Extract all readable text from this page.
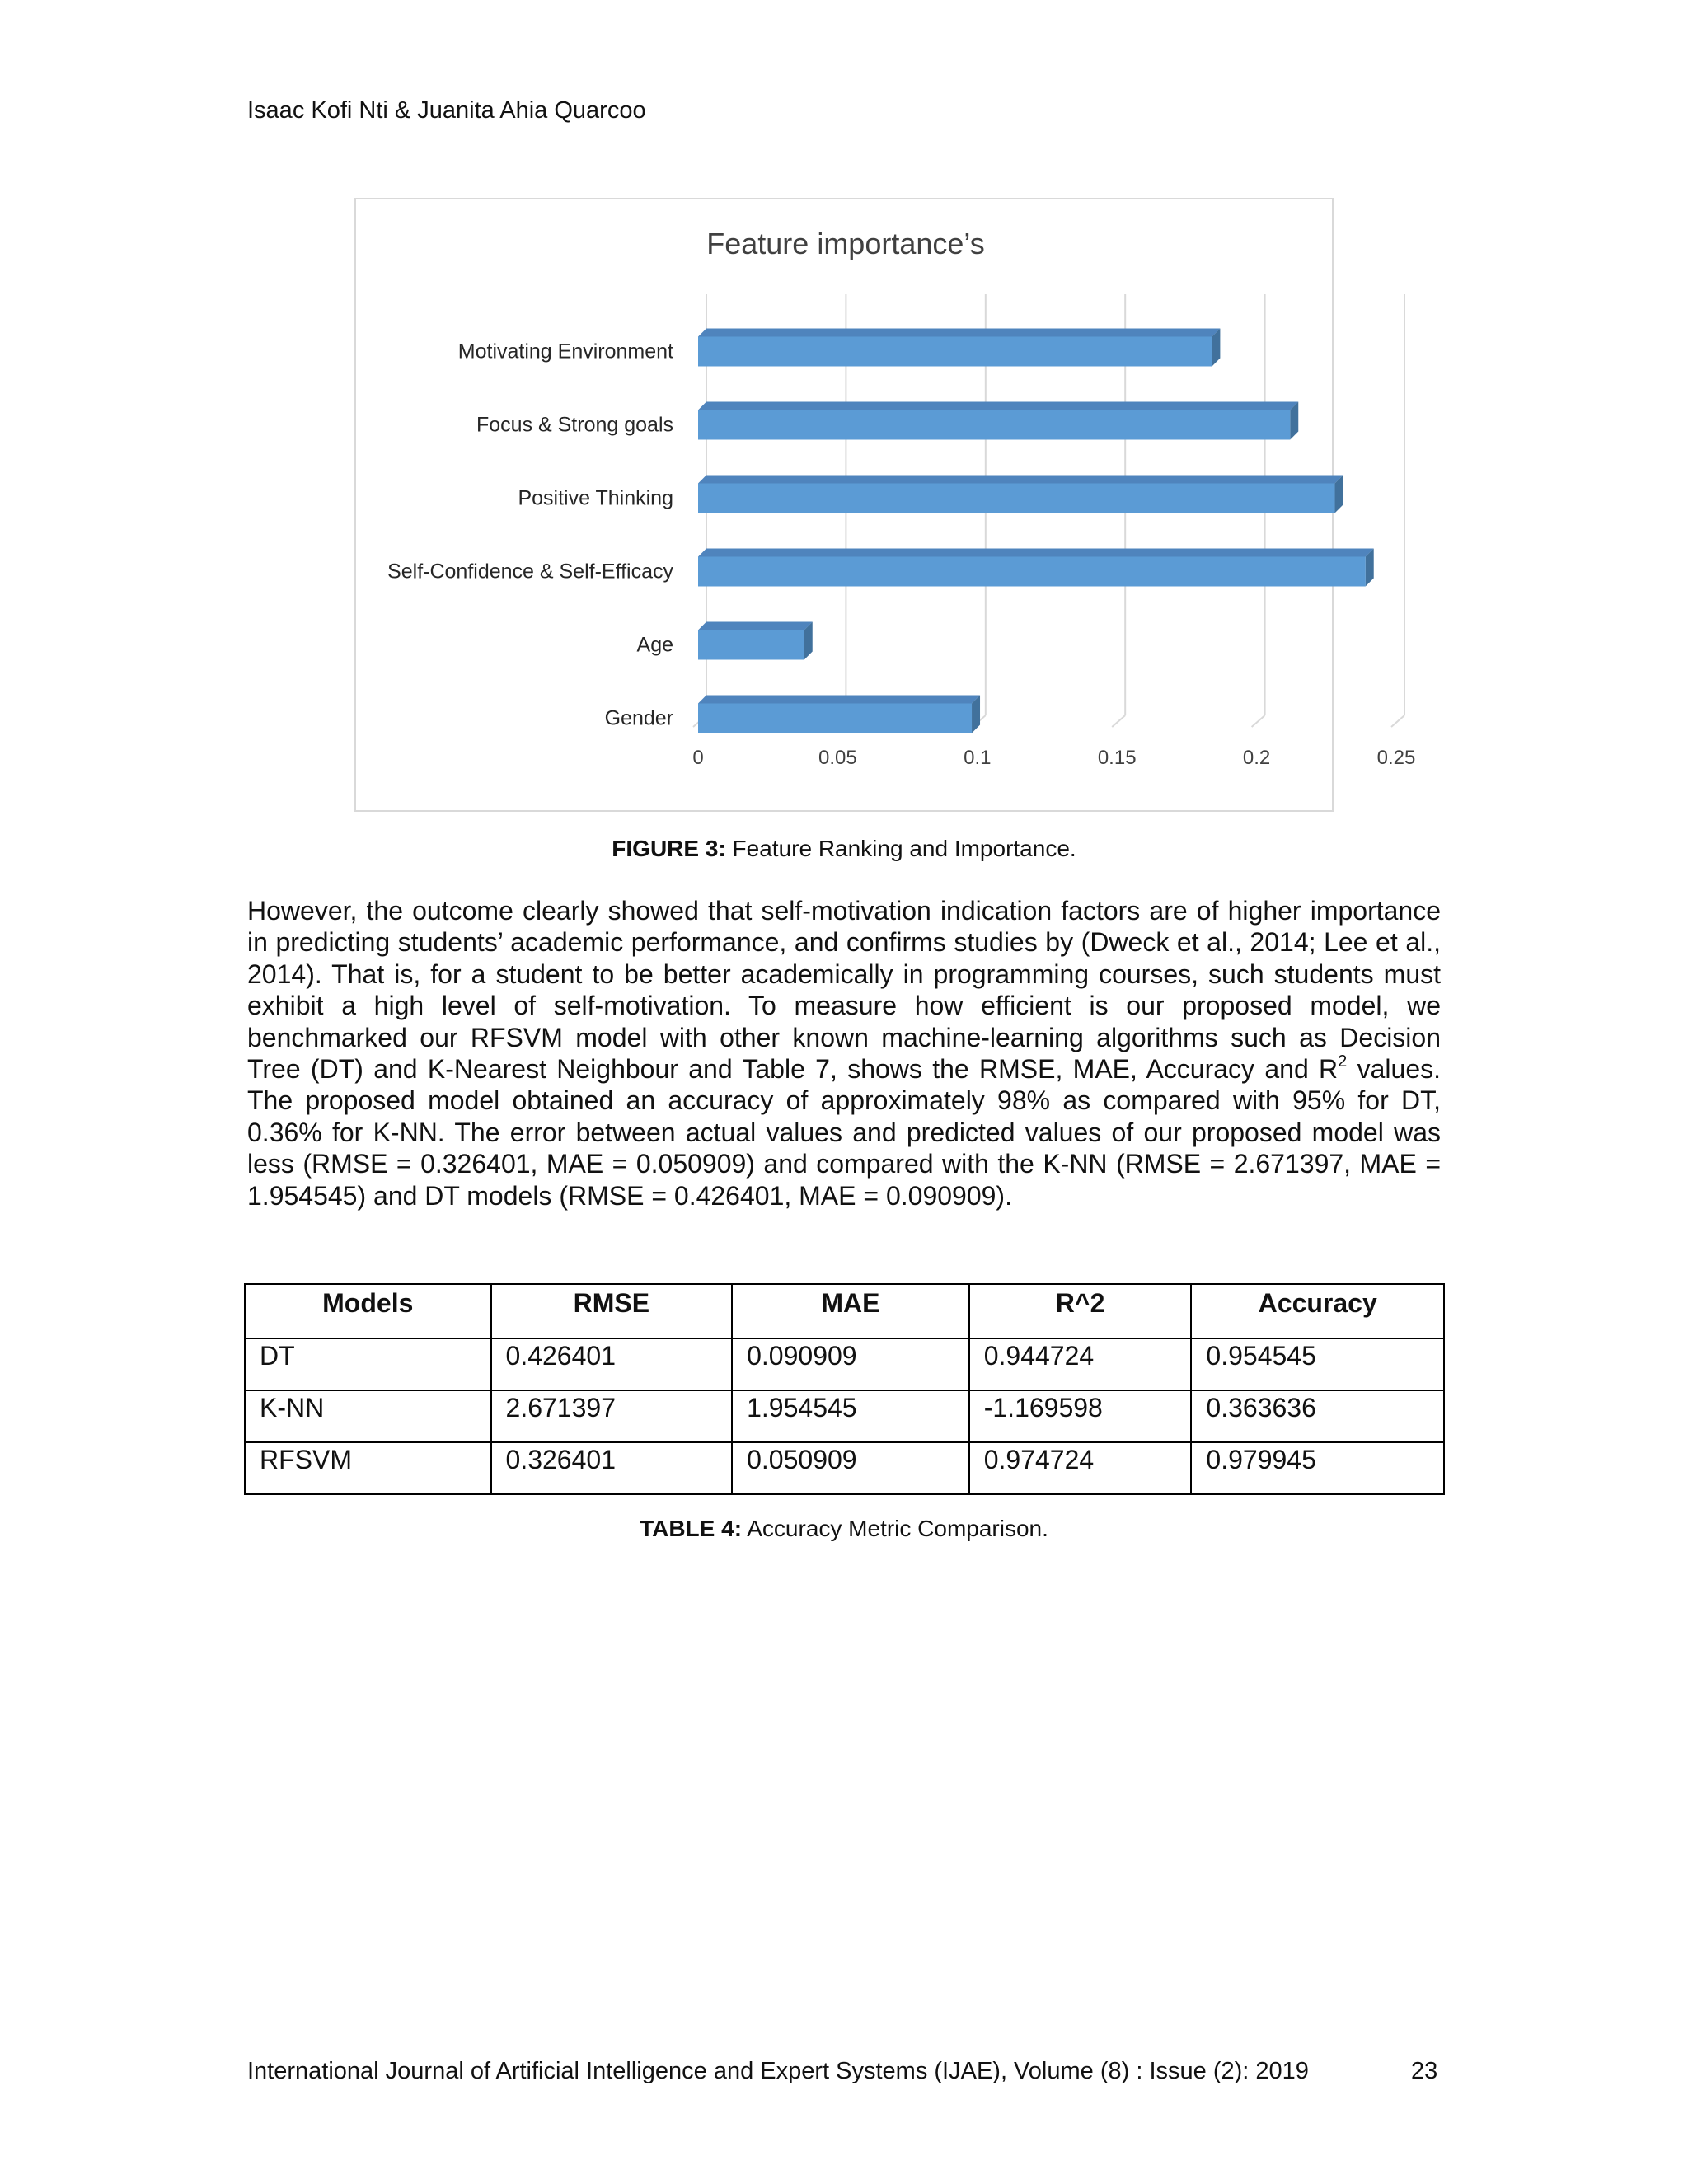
Isaac Kofi Nti & Juanita Ahia Quarcoo
Feature importance’s
0	0.05	0.1	0.15	0.2	0.25
Motivating Environment
Focus & Strong goals
Positive Thinking
Self-Confidence & Self-Efficacy
Age
Gender
FIGURE 3: Feature Ranking and Importance.
However, the outcome clearly showed that self-motivation indication factors are of higher importance in predicting students’ academic performance, and confirms studies by (Dweck et al., 2014; Lee et al., 2014). That is, for a student to be better academically in programming courses, such students must exhibit a high level of self-motivation. To measure how efficient is our proposed model, we benchmarked our RFSVM model with other known machine-learning algorithms such as Decision Tree (DT) and K-Nearest Neighbour and Table 7, shows the RMSE, MAE, Accuracy and $R^2$ values. The proposed model obtained an accuracy of approximately 98% as compared with 95% for DT, 0.36% for K-NN. The error between actual values and predicted values of our proposed model was less (RMSE = 0.326401, MAE = 0.050909) and compared with the K-NN (RMSE = 2.671397, MAE = 1.954545) and DT models (RMSE = 0.426401, MAE = 0.090909).
Models	RMSE	MAE	R^2	Accuracy
DT	0.426401	0.090909	0.944724	0.954545
K-NN	2.671397	1.954545	-1.169598	0.363636
RFSVM	0.326401	0.050909	0.974724	0.979945
TABLE 4: Accuracy Metric Comparison.
International Journal of Artificial Intelligence and Expert Systems (IJAE), Volume (8) : Issue (2): 2019	23
